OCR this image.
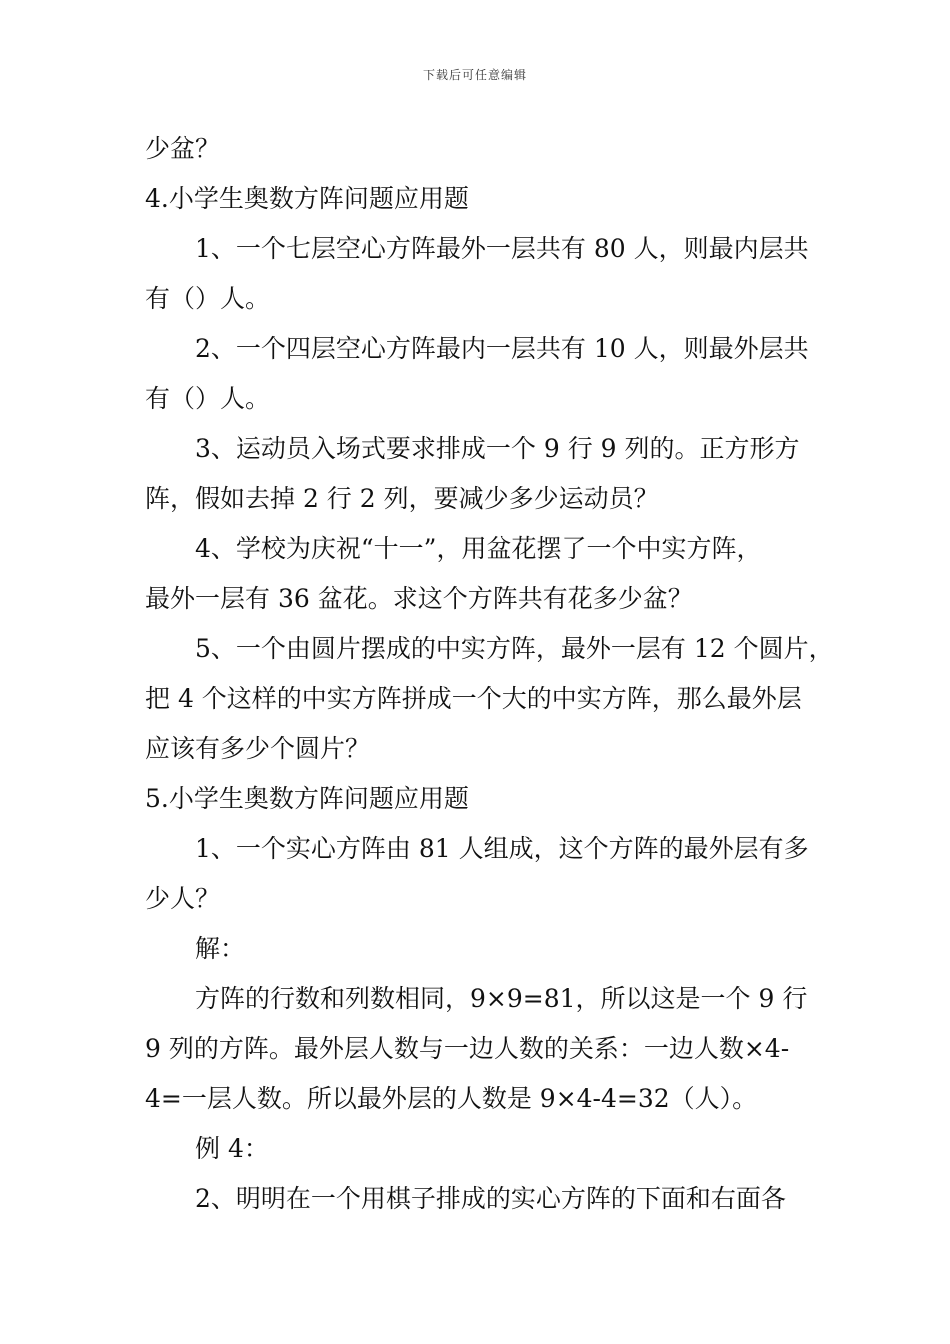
下载后可任意编辑
少盆？
4.小学生奥数方阵问题应用题
1、一个七层空心方阵最外一层共有 80 人，则最内层共
有（）人。
2、一个四层空心方阵最内一层共有 10 人，则最外层共
有（）人。
3、运动员入场式要求排成一个 9 行 9 列的。正方形方
阵，假如去掉 2 行 2 列，要减少多少运动员？
4、学校为庆祝“十一”，用盆花摆了一个中实方阵，
最外一层有 36 盆花。求这个方阵共有花多少盆？
5、一个由圆片摆成的中实方阵，最外一层有 12 个圆片，
把 4 个这样的中实方阵拼成一个大的中实方阵，那么最外层
应该有多少个圆片？
5.小学生奥数方阵问题应用题
1、一个实心方阵由 81 人组成，这个方阵的最外层有多
少人？
解：
方阵的行数和列数相同，9×9=81，所以这是一个 9 行
9 列的方阵。最外层人数与一边人数的关系：一边人数×4-
4=一层人数。所以最外层的人数是 9×4-4=32（人）。
例 4：
2、明明在一个用棋子排成的实心方阵的下面和右面各
